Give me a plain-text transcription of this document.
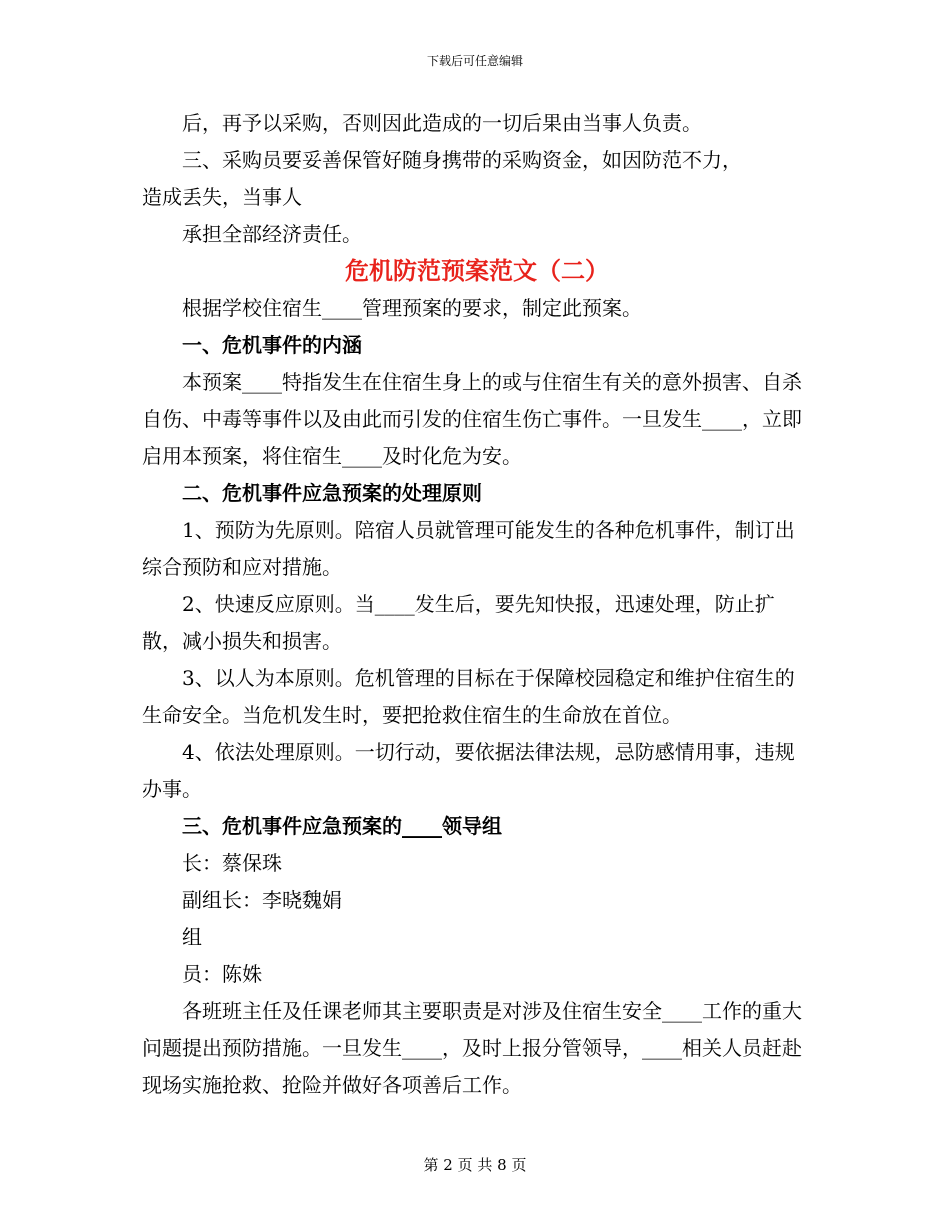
下载后可任意编辑

后，再予以采购，否则因此造成的一切后果由当事人负责。

三、采购员要妥善保管好随身携带的采购资金，如因防范不力，

造成丢失，当事人

承担全部经济责任。

危机防范预案范文（二）

根据学校住宿生____管理预案的要求，制定此预案。

一、危机事件的内涵

本预案____特指发生在住宿生身上的或与住宿生有关的意外损害、自杀自伤、中毒等事件以及由此而引发的住宿生伤亡事件。一旦发生____，立即启用本预案，将住宿生____及时化危为安。

二、危机事件应急预案的处理原则

1、预防为先原则。陪宿人员就管理可能发生的各种危机事件，制订出综合预防和应对措施。

2、快速反应原则。当____发生后，要先知快报，迅速处理，防止扩散，减小损失和损害。

3、以人为本原则。危机管理的目标在于保障校园稳定和维护住宿生的生命安全。当危机发生时，要把抢救住宿生的生命放在首位。

4、依法处理原则。一切行动，要依据法律法规，忌防感情用事，违规办事。

三、危机事件应急预案的____领导组

长：蔡保珠

副组长：李晓魏娟

组

员：陈姝

各班班主任及任课老师其主要职责是对涉及住宿生安全____工作的重大问题提出预防措施。一旦发生____，及时上报分管领导，____相关人员赶赴现场实施抢救、抢险并做好各项善后工作。

第 2 页 共 8 页
